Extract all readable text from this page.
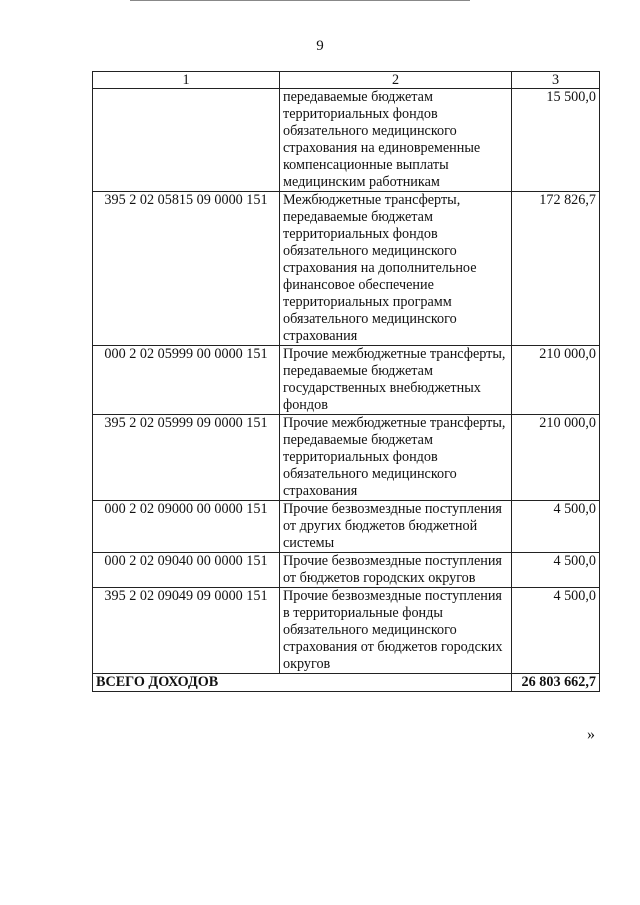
9
1	2	3
	передаваемые бюджетам территориальных фондов обязательного медицинского страхования на единовременные компенсационные выплаты медицинским работникам	15 500,0
395 2 02 05815 09 0000 151	Межбюджетные трансферты, передаваемые бюджетам территориальных фондов обязательного медицинского страхования на дополнительное финансовое обеспечение территориальных программ обязательного медицинского страхования	172 826,7
000 2 02 05999 00 0000 151	Прочие межбюджетные трансферты, передаваемые бюджетам государственных внебюджетных фондов	210 000,0
395 2 02 05999 09 0000 151	Прочие межбюджетные трансферты, передаваемые бюджетам территориальных фондов обязательного медицинского страхования	210 000,0
000 2 02 09000 00 0000 151	Прочие безвозмездные поступления от других бюджетов бюджетной системы	4 500,0
000 2 02 09040 00 0000 151	Прочие безвозмездные поступления от бюджетов городских округов	4 500,0
395 2 02 09049 09 0000 151	Прочие безвозмездные поступления в территориальные фонды обязательного медицинского страхования от бюджетов городских округов	4 500,0
ВСЕГО ДОХОДОВ		26 803 662,7
»
